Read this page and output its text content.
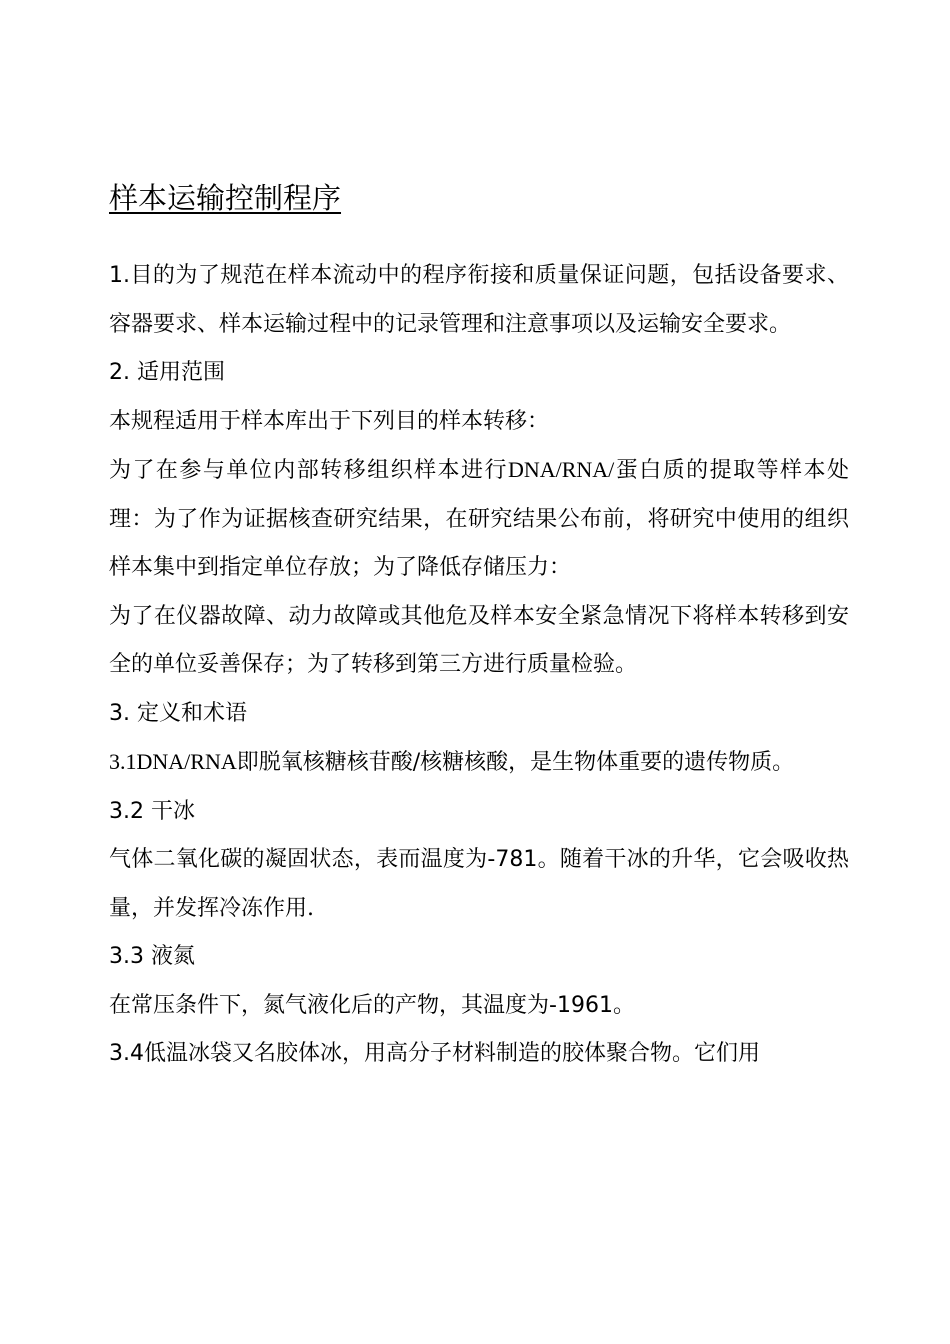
样本运输控制程序

1.目的为了规范在样本流动中的程序衔接和质量保证问题，包括设备要求、容器要求、样本运输过程中的记录管理和注意事项以及运输安全要求。

2. 适用范围

本规程适用于样本库出于下列目的样本转移：

为了在参与单位内部转移组织样本进行DNA/RNA/蛋白质的提取等样本处理：为了作为证据核查研究结果，在研究结果公布前，将研究中使用的组织样本集中到指定单位存放；为了降低存储压力：

为了在仪器故障、动力故障或其他危及样本安全紧急情况下将样本转移到安全的单位妥善保存；为了转移到第三方进行质量检验。

3. 定义和术语

3.1DNA/RNA即脱氧核糖核苷酸/核糖核酸，是生物体重要的遗传物质。

3.2 干冰

气体二氧化碳的凝固状态，表而温度为-781。随着干冰的升华，它会吸收热量，并发挥冷冻作用.

3.3 液氮

在常压条件下，氮气液化后的产物，其温度为-1961。

3.4低温冰袋又名胶体冰，用高分子材料制造的胶体聚合物。它们用
